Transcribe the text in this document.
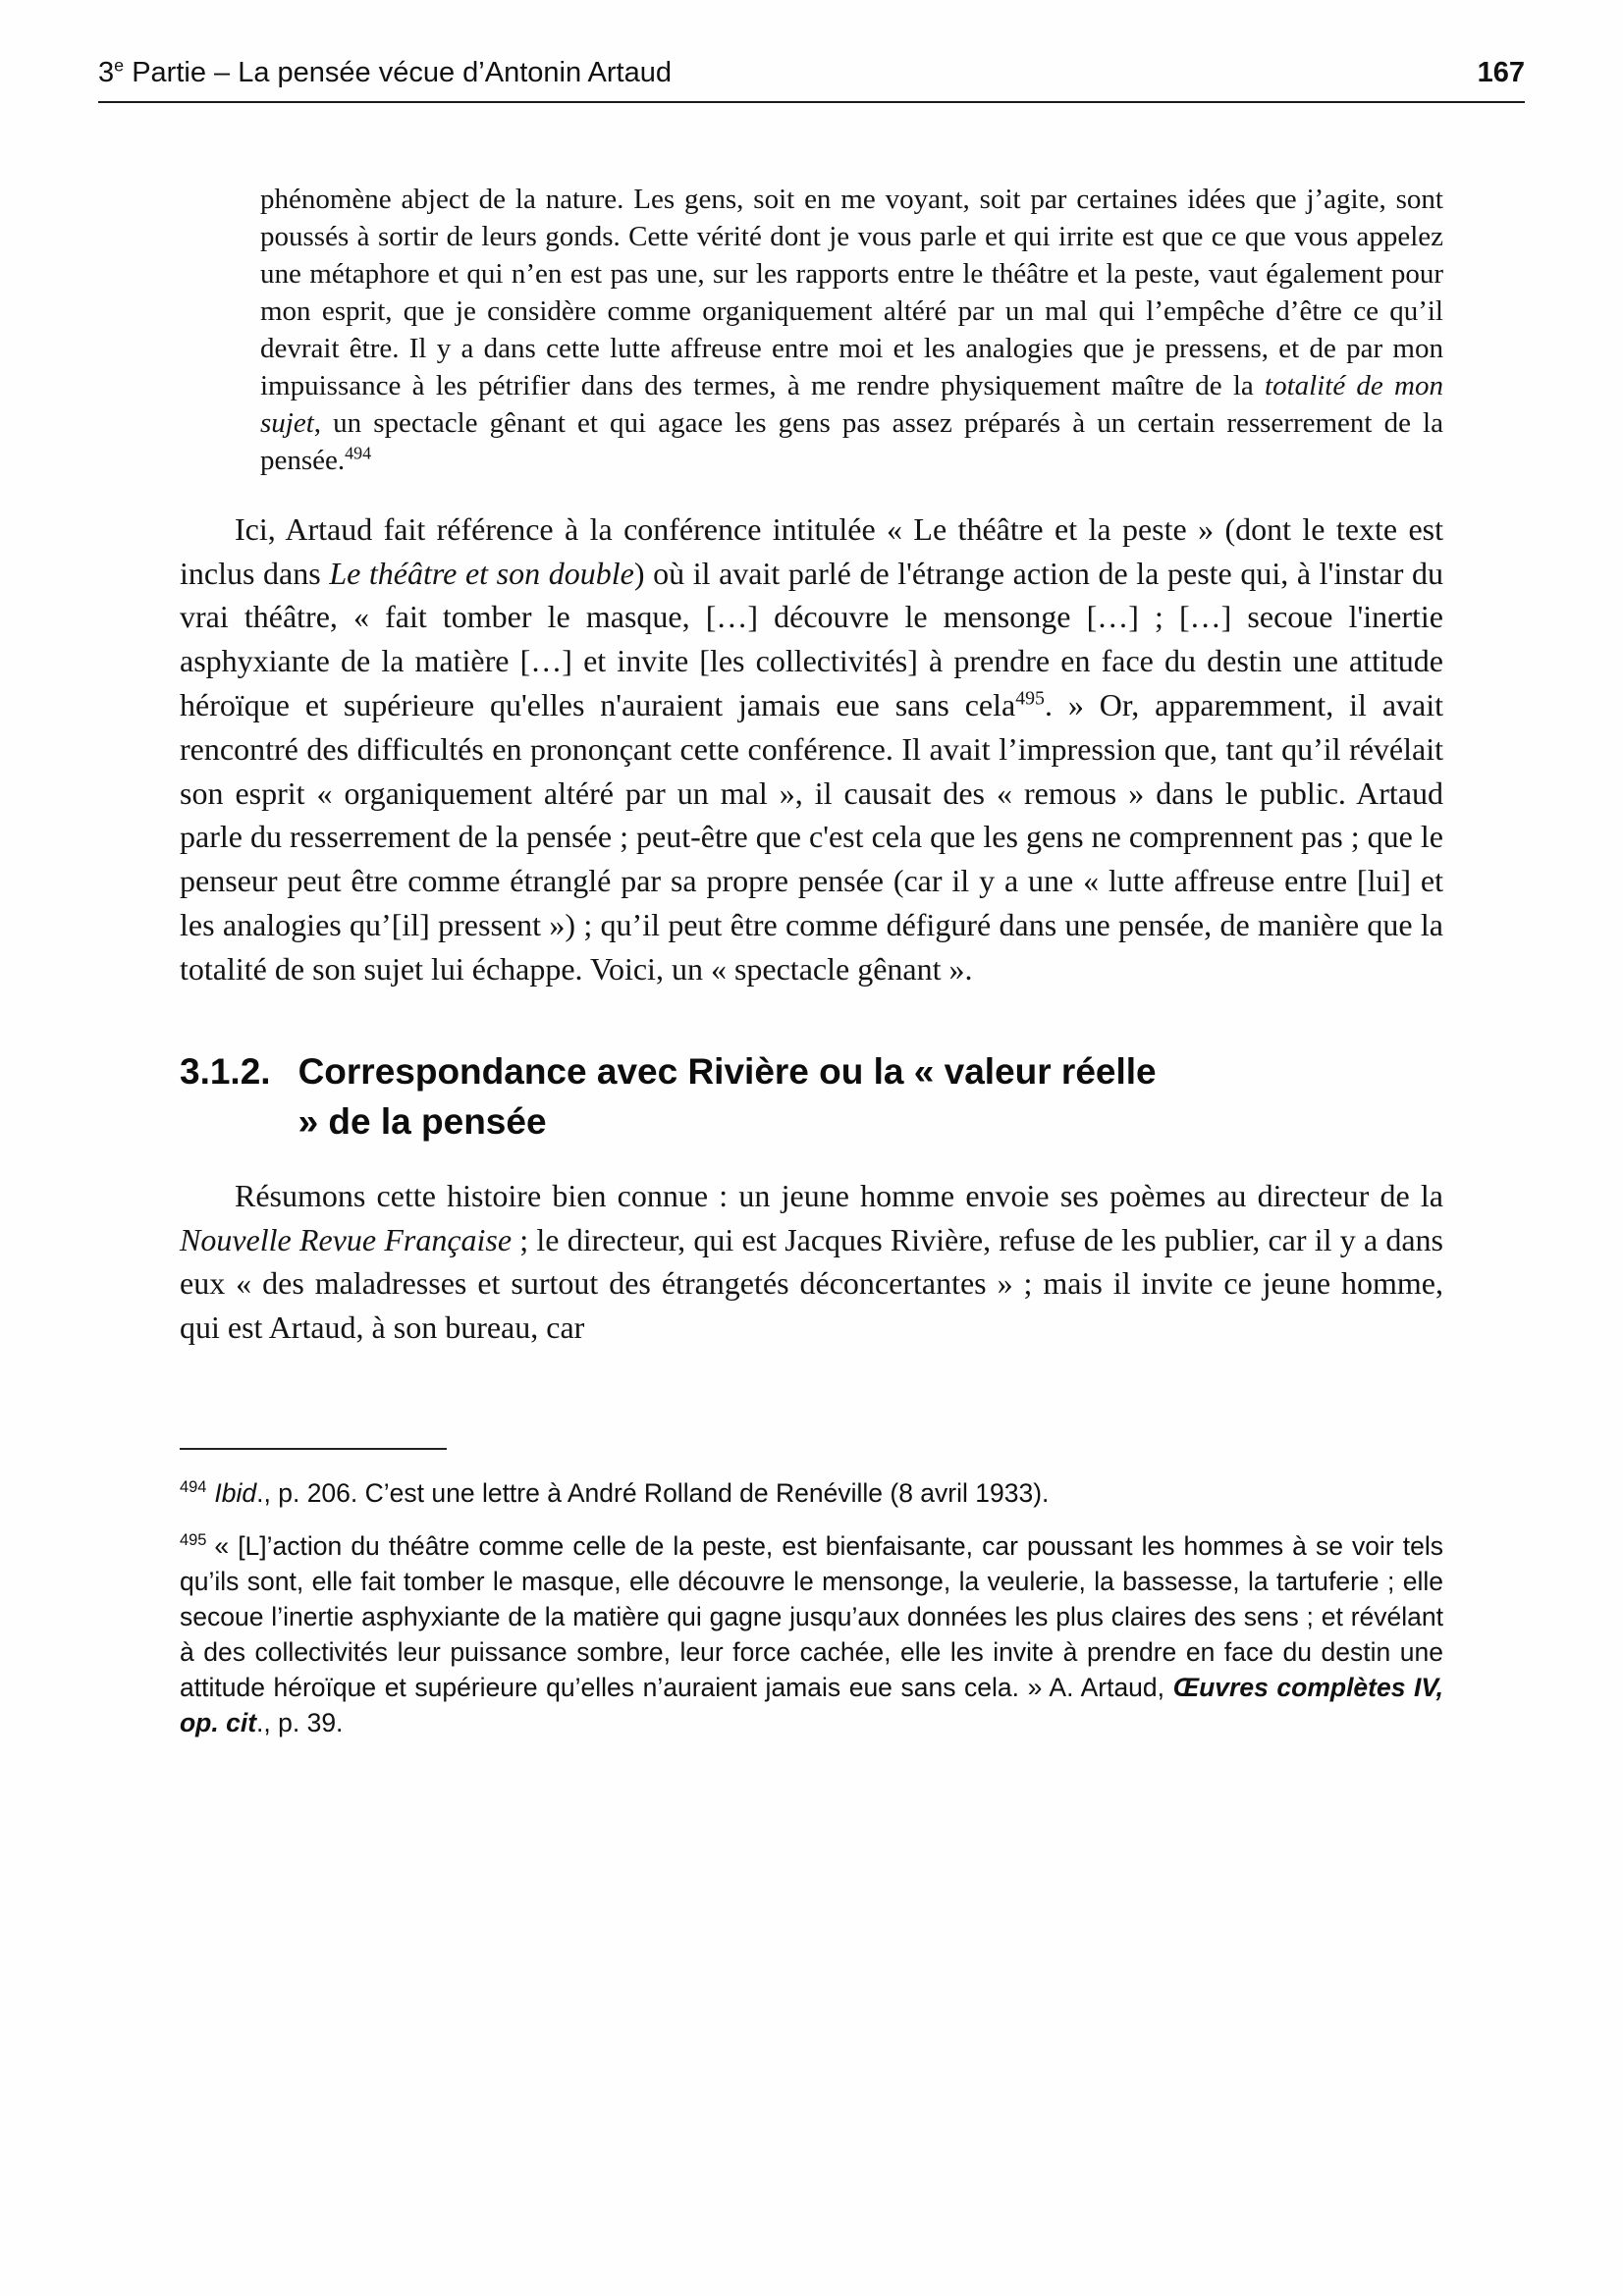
3e Partie – La pensée vécue d’Antonin Artaud	167
phénomène abject de la nature. Les gens, soit en me voyant, soit par certaines idées que j’agite, sont poussés à sortir de leurs gonds. Cette vérité dont je vous parle et qui irrite est que ce que vous appelez une métaphore et qui n’en est pas une, sur les rapports entre le théâtre et la peste, vaut également pour mon esprit, que je considère comme organiquement altéré par un mal qui l’empêche d’être ce qu’il devrait être. Il y a dans cette lutte affreuse entre moi et les analogies que je pressens, et de par mon impuissance à les pétrifier dans des termes, à me rendre physiquement maître de la totalité de mon sujet, un spectacle gênant et qui agace les gens pas assez préparés à un certain resserrement de la pensée.$^{494}$

Ici, Artaud fait référence à la conférence intitulée « Le théâtre et la peste » (dont le texte est inclus dans Le théâtre et son double) où il avait parlé de l'étrange action de la peste qui, à l'instar du vrai théâtre, « fait tomber le masque, […] découvre le mensonge […] ; […] secoue l'inertie asphyxiante de la matière […] et invite [les collectivités] à prendre en face du destin une attitude héroïque et supérieure qu'elles n'auraient jamais eue sans cela$^{495}$. » Or, apparemment, il avait rencontré des difficultés en prononçant cette conférence. Il avait l’impression que, tant qu’il révélait son esprit « organiquement altéré par un mal », il causait des « remous » dans le public. Artaud parle du resserrement de la pensée ; peut-être que c'est cela que les gens ne comprennent pas ; que le penseur peut être comme étranglé par sa propre pensée (car il y a une « lutte affreuse entre [lui] et les analogies qu’[il] pressent ») ; qu’il peut être comme défiguré dans une pensée, de manière que la totalité de son sujet lui échappe. Voici, un « spectacle gênant ».

3.1.2. Correspondance avec Rivière ou la « valeur réelle » de la pensée

Résumons cette histoire bien connue : un jeune homme envoie ses poèmes au directeur de la Nouvelle Revue Française ; le directeur, qui est Jacques Rivière, refuse de les publier, car il y a dans eux « des maladresses et surtout des étrangetés déconcertantes » ; mais il invite ce jeune homme, qui est Artaud, à son bureau, car

$^{494}$ Ibid., p. 206. C’est une lettre à André Rolland de Renéville (8 avril 1933).

$^{495}$ « [L]’action du théâtre comme celle de la peste, est bienfaisante, car poussant les hommes à se voir tels qu’ils sont, elle fait tomber le masque, elle découvre le mensonge, la veulerie, la bassesse, la tartuferie ; elle secoue l’inertie asphyxiante de la matière qui gagne jusqu’aux données les plus claires des sens ; et révélant à des collectivités leur puissance sombre, leur force cachée, elle les invite à prendre en face du destin une attitude héroïque et supérieure qu’elles n’auraient jamais eue sans cela. » A. Artaud, Œuvres complètes IV, op. cit., p. 39.
